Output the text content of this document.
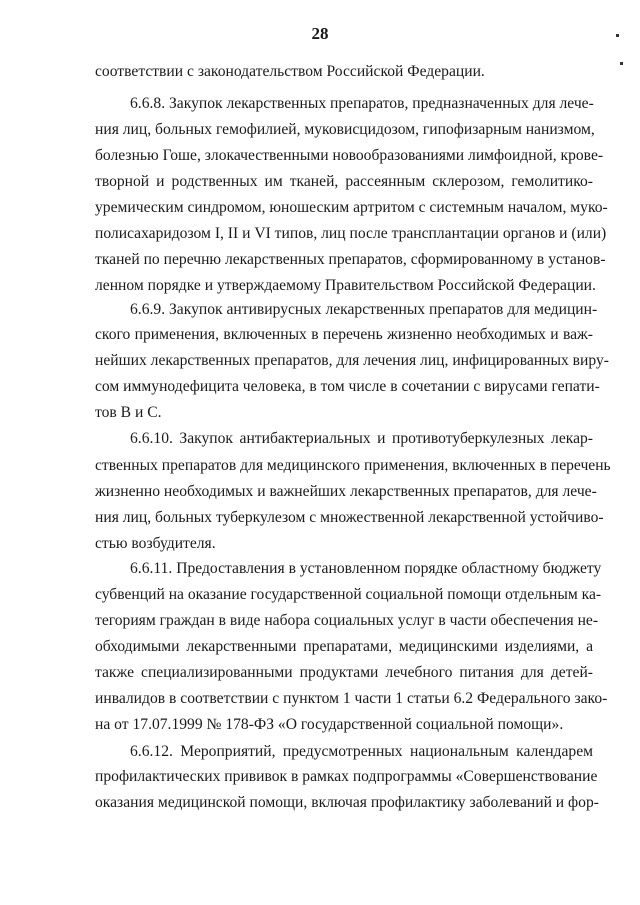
28
соответствии с законодательством Российской Федерации.
6.6.8. Закупок лекарственных препаратов, предназначенных для лече-
ния лиц, больных гемофилией, муковисцидозом, гипофизарным нанизмом,
болезнью Гоше, злокачественными новообразованиями лимфоидной, крове-
творной и родственных им тканей, рассеянным склерозом, гемолитико-
уремическим синдромом, юношеским артритом с системным началом, муко-
полисахаридозом I, II и VI типов, лиц после трансплантации органов и (или)
тканей по перечню лекарственных препаратов, сформированному в установ-
ленном порядке и утверждаемому Правительством Российской Федерации.
6.6.9. Закупок антивирусных лекарственных препаратов для медицин-
ского применения, включенных в перечень жизненно необходимых и важ-
нейших лекарственных препаратов, для лечения лиц, инфицированных виру-
сом иммунодефицита человека, в том числе в сочетании с вирусами гепати-
тов В и С.
6.6.10. Закупок антибактериальных и противотуберкулезных лекар-
ственных препаратов для медицинского применения, включенных в перечень
жизненно необходимых и важнейших лекарственных препаратов, для лече-
ния лиц, больных туберкулезом с множественной лекарственной устойчиво-
стью возбудителя.
6.6.11. Предоставления в установленном порядке областному бюджету
субвенций на оказание государственной социальной помощи отдельным ка-
тегориям граждан в виде набора социальных услуг в части обеспечения не-
обходимыми лекарственными препаратами, медицинскими изделиями, а
также специализированными продуктами лечебного питания для детей-
инвалидов в соответствии с пунктом 1 части 1 статьи 6.2 Федерального зако-
на от 17.07.1999 № 178-ФЗ «О государственной социальной помощи».
6.6.12. Мероприятий, предусмотренных национальным календарем
профилактических прививок в рамках подпрограммы «Совершенствование
оказания медицинской помощи, включая профилактику заболеваний и фор-
